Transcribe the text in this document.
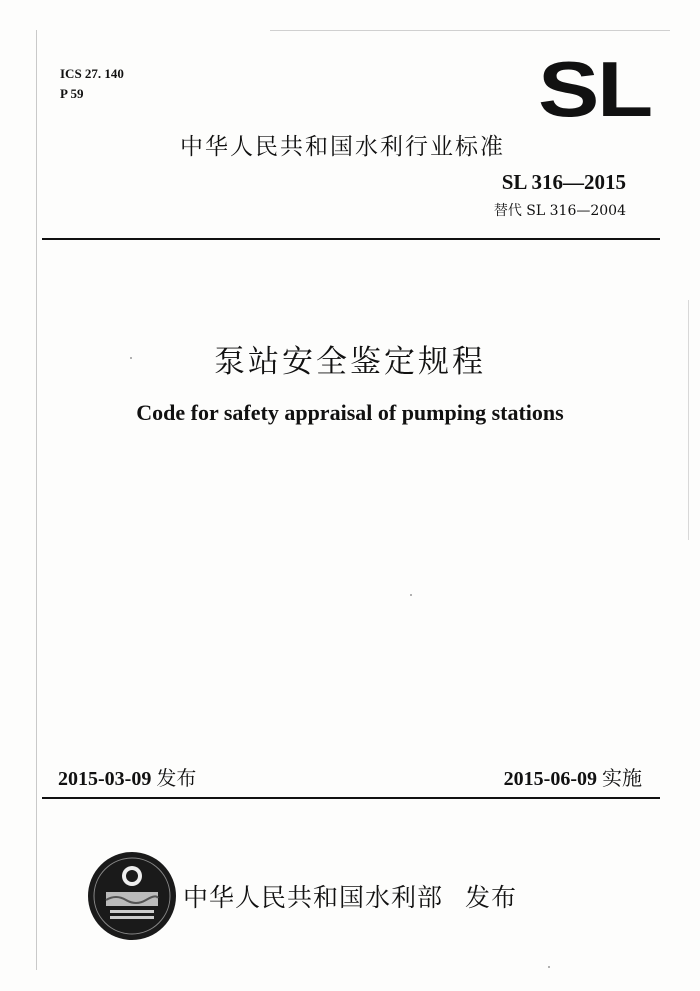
ICS 27. 140
P 59	SL
中华人民共和国水利行业标准
SL 316—2015
替代 SL 316—2004
泵站安全鉴定规程
Code for safety appraisal of pumping stations
2015-03-09 发布	2015-06-09 实施
中华人民共和国水利部 发布
